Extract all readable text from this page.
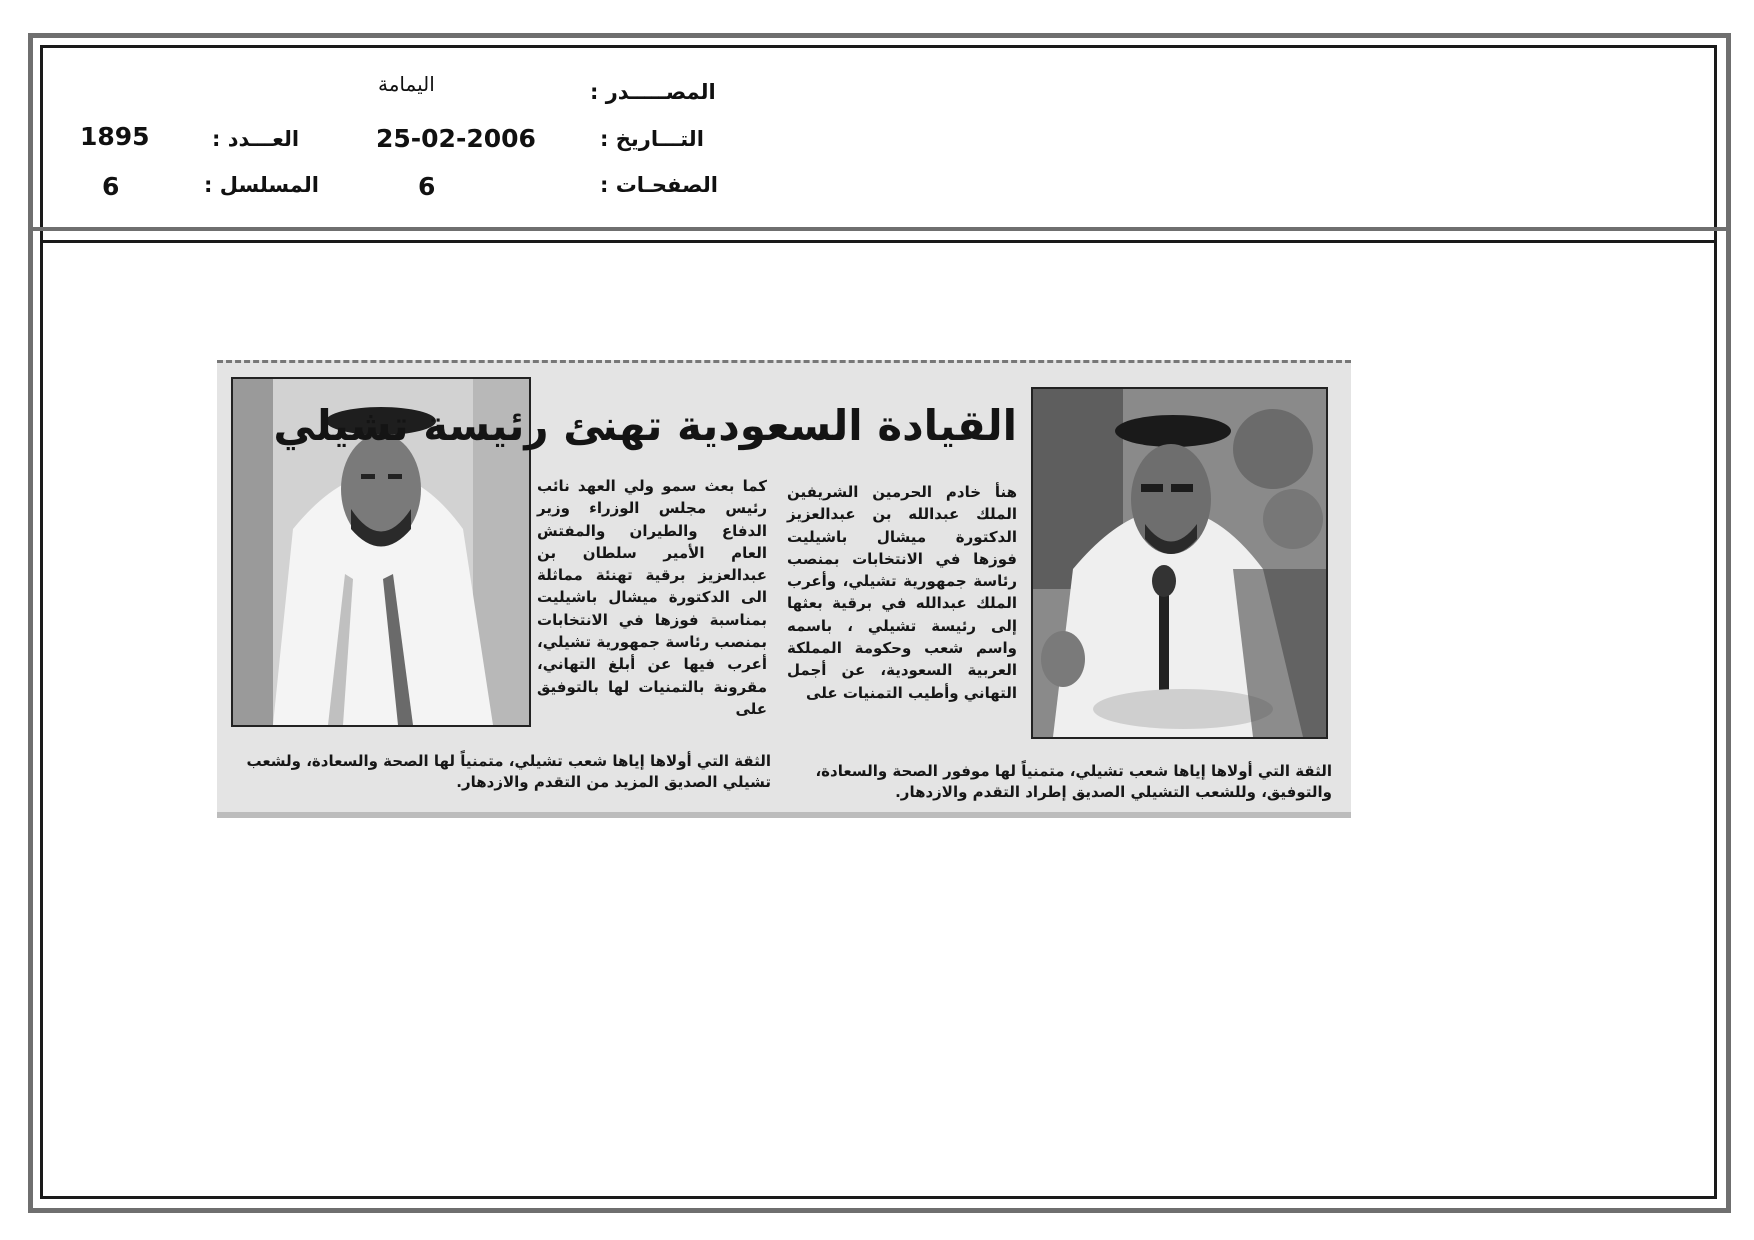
المصـــــدر :
التـــاريخ :
الصفحـات :
العـــدد :
المسلسل :
اليمامة
25-02-2006
6
1895
6
القيادة السعودية تهنئ رئيسة تشيلي
هنأ خادم الحرمين الشريفين الملك عبدالله بن عبدالعزيز الدكتورة ميشال باشيليت فوزها في الانتخابات بمنصب رئاسة جمهورية تشيلي، وأعرب الملك عبدالله في برقية بعثها إلى رئيسة تشيلي ، باسمه واسم شعب وحكومة المملكة العربية السعودية، عن أجمل التهاني وأطيب التمنيات على
كما بعث سمو ولي العهد نائب رئيس مجلس الوزراء وزير الدفاع والطيران والمفتش العام الأمير سلطان بن عبدالعزيز برقية تهنئة مماثلة الى الدكتورة ميشال باشيليت بمناسبة فوزها في الانتخابات بمنصب رئاسة جمهورية تشيلي، أعرب فيها عن أبلغ التهاني، مقرونة بالتمنيات لها بالتوفيق على
الثقة التي أولاها إياها شعب تشيلي، متمنياً لها موفور الصحة والسعادة، والتوفيق، وللشعب التشيلي الصديق إطراد التقدم والازدهار.
الثقة التي أولاها إياها شعب تشيلي، متمنياً لها الصحة والسعادة، ولشعب تشيلي الصديق المزيد من التقدم والازدهار.
